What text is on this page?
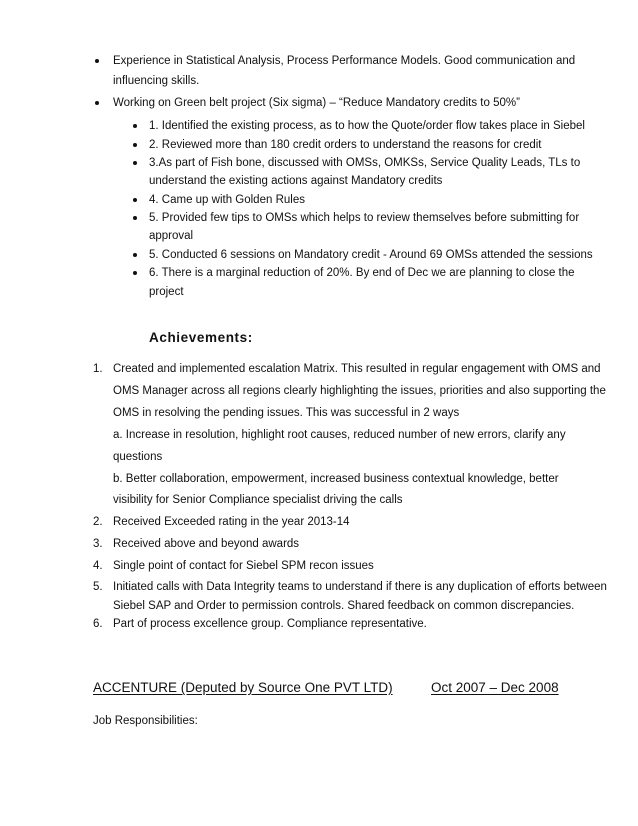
Experience in Statistical Analysis, Process Performance Models. Good communication and
influencing skills.
Working on Green belt project (Six sigma) – “Reduce Mandatory credits to 50%”
1. Identified the existing process, as to how the Quote/order flow takes place in Siebel
2. Reviewed more than 180 credit orders to understand the reasons for credit
3.As part of Fish bone, discussed with OMSs, OMKSs, Service Quality Leads, TLs to
understand the existing actions against Mandatory credits
4. Came up with Golden Rules
5. Provided few tips to OMSs which helps to review themselves before submitting for
approval
5. Conducted 6 sessions on Mandatory credit - Around 69 OMSs attended the sessions
6. There is a marginal reduction of 20%. By end of Dec we are planning to close the
project
Achievements:
1. Created and implemented escalation Matrix. This resulted in regular engagement with OMS and
OMS Manager across all regions clearly highlighting the issues, priorities and also supporting the
OMS in resolving the pending issues. This was successful in 2 ways
a. Increase in resolution, highlight root causes, reduced number of new errors, clarify any
questions
b. Better collaboration, empowerment, increased business contextual knowledge, better
visibility for Senior Compliance specialist driving the calls
2. Received Exceeded rating in the year 2013-14
3. Received above and beyond awards
4. Single point of contact for Siebel SPM recon issues
5. Initiated calls with Data Integrity teams to understand if there is any duplication of efforts between
Siebel SAP and Order to permission controls. Shared feedback on common discrepancies.
6. Part of process excellence group. Compliance representative.
ACCENTURE (Deputed by Source One PVT LTD)	Oct 2007 – Dec 2008
Job Responsibilities:
